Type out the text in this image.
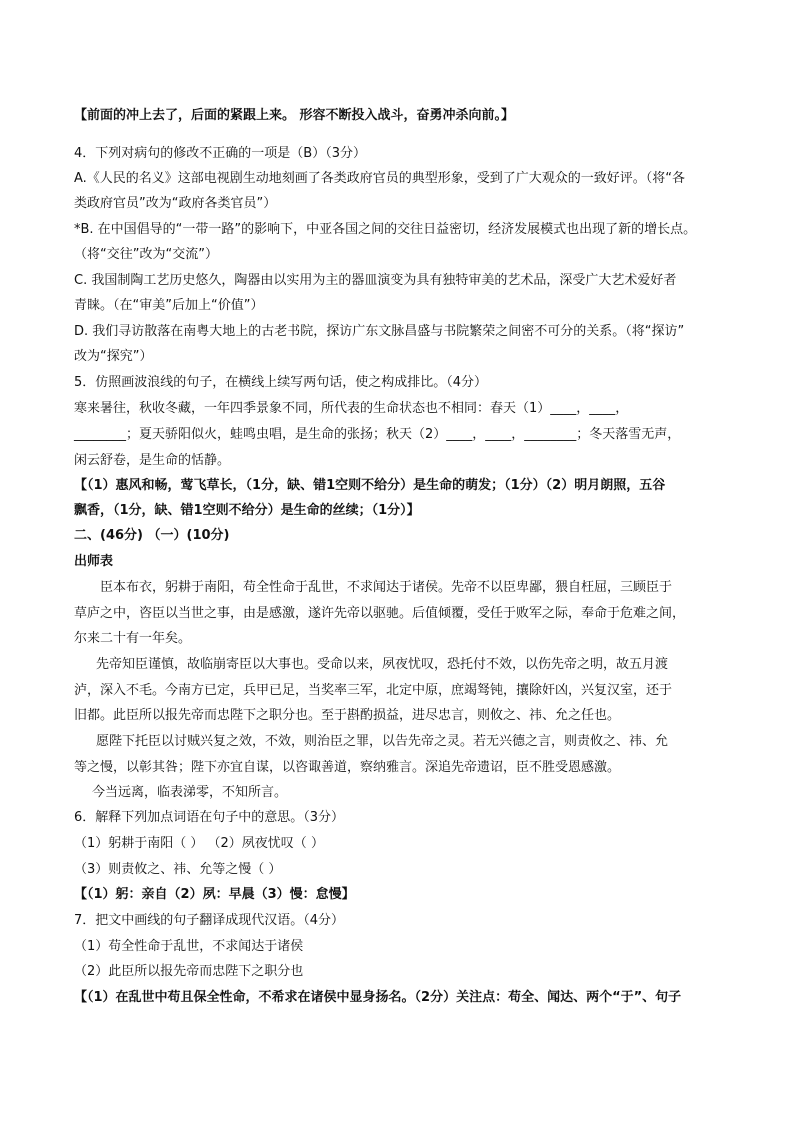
【前面的冲上去了，后面的紧跟上来。 形容不断投入战斗，奋勇冲杀向前。】
4．下列对病句的修改不正确的一项是（B）（3分）
A.《人民的名义》这部电视剧生动地刻画了各类政府官员的典型形象，受到了广大观众的一致好评。（将“各
类政府官员”改为“政府各类官员”）
*B. 在中国倡导的“一带一路”的影响下，中亚各国之间的交往日益密切，经济发展模式也出现了新的增长点。
（将“交往”改为“交流”）
C. 我国制陶工艺历史悠久，陶器由以实用为主的器皿演变为具有独特审美的艺术品，深受广大艺术爱好者
青睐。（在“审美”后加上“价值”）
D. 我们寻访散落在南粤大地上的古老书院，探访广东文脉昌盛与书院繁荣之间密不可分的关系。（将“探访”
改为“探究”）
5．仿照画波浪线的句子，在横线上续写两句话，使之构成排比。（4分）
寒来暑往，秋收冬藏，一年四季景象不同，所代表的生命状态也不相同：春天（1）____，____，
________；夏天骄阳似火，蛙鸣虫唱，是生命的张扬；秋天（2）____，____，________；冬天落雪无声，
闲云舒卷，是生命的恬静。
【（1）惠风和畅，莺飞草长，（1分，缺、错1空则不给分）是生命的萌发；（1分）（2）明月朗照，五谷
飘香，（1分，缺、错1空则不给分）是生命的丝续；（1分）】
二、(46分) （一）(10分)
出师表
臣本布衣，躬耕于南阳，苟全性命于乱世，不求闻达于诸侯。先帝不以臣卑鄙，猥自枉屈，三顾臣于
草庐之中，咨臣以当世之事，由是感激，遂许先帝以驱驰。后值倾覆，受任于败军之际，奉命于危难之间，
尔来二十有一年矣。
先帝知臣谨慎，故临崩寄臣以大事也。受命以来，夙夜忧叹，恐托付不效，以伤先帝之明，故五月渡
泸，深入不毛。今南方已定，兵甲已足，当奖率三军，北定中原，庶竭驽钝，攘除奸凶，兴复汉室，还于
旧都。此臣所以报先帝而忠陛下之职分也。至于斟酌损益，进尽忠言，则攸之、祎、允之任也。
愿陛下托臣以讨贼兴复之效，不效，则治臣之罪，以告先帝之灵。若无兴德之言，则责攸之、祎、允
等之慢，以彰其咎；陛下亦宜自谋，以咨诹善道，察纳雅言。深追先帝遗诏，臣不胜受恩感激。
今当远离，临表涕零，不知所言。
6．解释下列加点词语在句子中的意思。（3分）
（1）躬耕于南阳（ ） （2）夙夜忧叹（ ）
（3）则责攸之、祎、允等之慢（ ）
【（1）躬：亲自（2）夙：早晨（3）慢：怠慢】
7．把文中画线的句子翻译成现代汉语。（4分）
（1）苟全性命于乱世，不求闻达于诸侯
（2）此臣所以报先帝而忠陛下之职分也
【（1）在乱世中苟且保全性命，不希求在诸侯中显身扬名。（2分）关注点：苟全、闻达、两个“于”、句子
